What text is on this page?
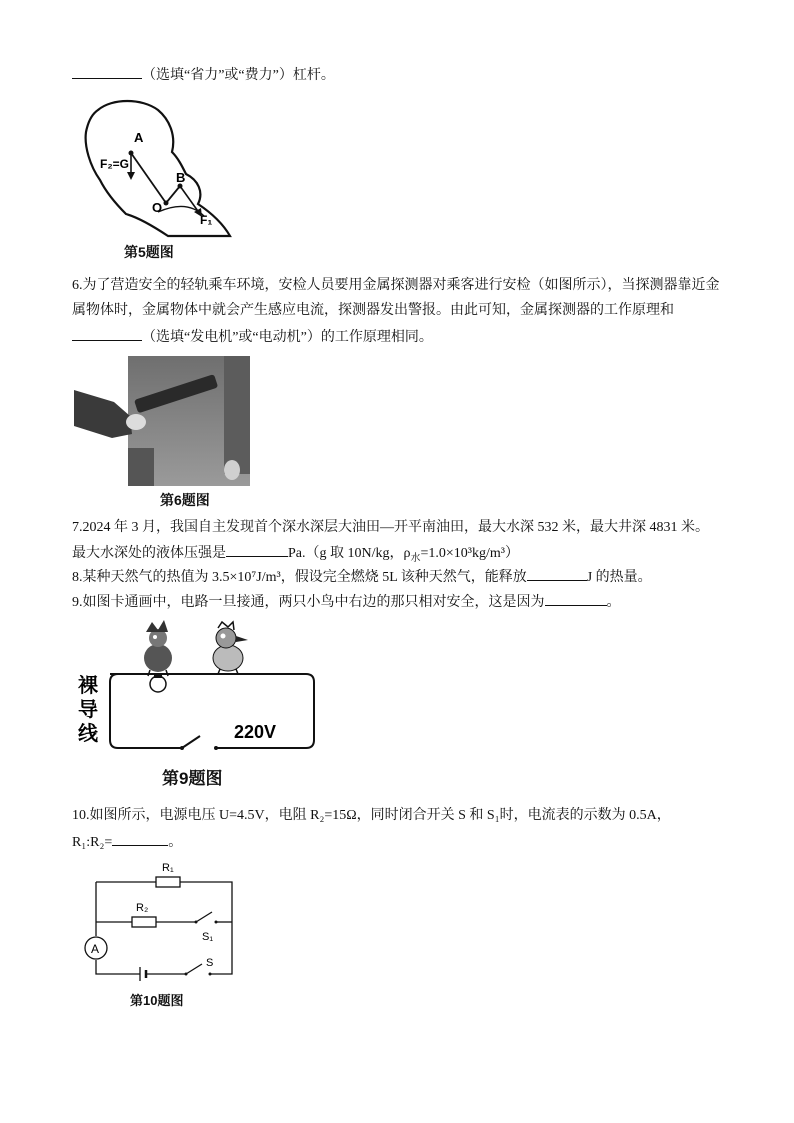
（选填“省力”或“费力”）杠杆。
A
B
O
F₂=G
F₁
第5题图
6.为了营造安全的轻轨乘车环境，安检人员要用金属探测器对乘客进行安检（如图所示），当探测器靠近金
属物体时，金属物体中就会产生感应电流，探测器发出警报。由此可知，金属探测器的工作原理和
（选填“发电机”或“电动机”）的工作原理相同。
第6题图
7.2024 年 3 月，我国自主发现首个深水深层大油田—开平南油田，最大水深 532 米，最大井深 4831 米。
最大水深处的液体压强是	Pa.（g 取 10N/kg，$\rho_水=1.0\times 10^3kg/m^3$）
8.某种天然气的热值为 3.5×10⁷J/m³，假设完全燃烧 5L 该种天然气，能释放	J 的热量。
9.如图卡通画中，电路一旦接通，两只小鸟中右边的那只相对安全，这是因为	。
裸
导
线	220V
第9题图
10.如图所示，电源电压 U=4.5V，电阻 R₂=15Ω，同时闭合开关 S 和 S₁时，电流表的示数为 0.5A，
R₁:R₂=	。
A
R₁
R₂
S₁
S
第10题图
